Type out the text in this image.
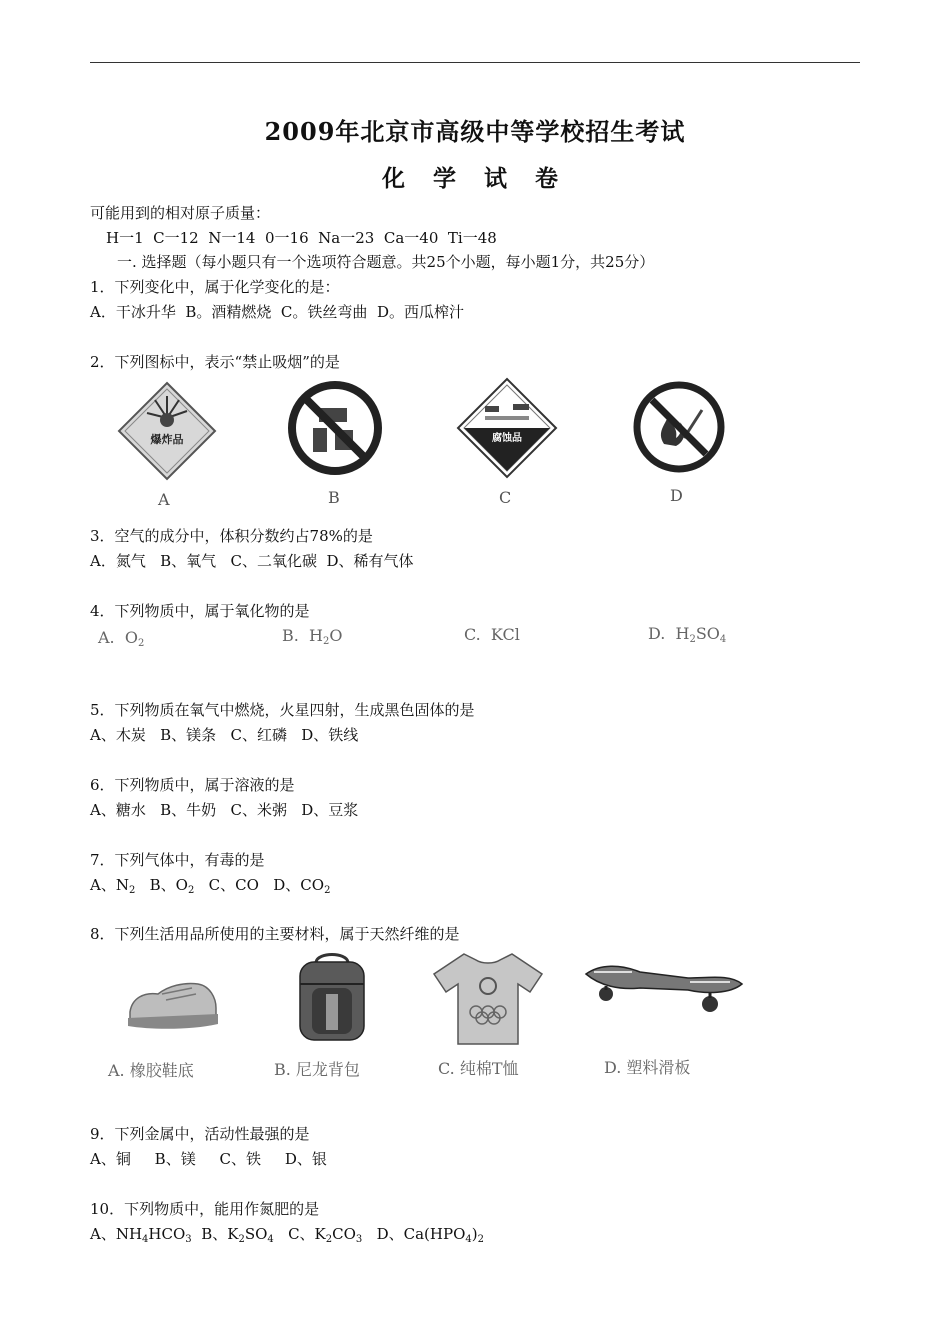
2009年北京市高级中等学校招生考试
化 学 试 卷
可能用到的相对原子质量：
H一1  C一12  N一14  0一16  Na一23  Ca一40  Ti一48
一. 选择题（每小题只有一个选项符合题意。共25个小题，每小题1分，共25分）
1．下列变化中，属于化学变化的是：
A．干冰升华  B。酒精燃烧  C。铁丝弯曲  D。西瓜榨汁
2．下列图标中，表示“禁止吸烟”的是
爆炸品	腐蚀品
A	B	C	D
3．空气的成分中，体积分数约占78%的是
A．氮气   B、氧气   C、二氧化碳  D、稀有气体
4．下列物质中，属于氧化物的是
A.  $O_2$	B.  $H_2O$	C.  KCl	D.  $H_2SO_4$
5．下列物质在氧气中燃烧，火星四射，生成黑色固体的是
A、木炭   B、镁条   C、红磷   D、铁线
6．下列物质中，属于溶液的是
A、糖水   B、牛奶   C、米粥   D、豆浆
7．下列气体中，有毒的是
A、$N_2$ B、$O_2$ C、CO D、$CO_2$
8．下列生活用品所使用的主要材料，属于天然纤维的是
A. 橡胶鞋底	B. 尼龙背包	C. 纯棉T恤	D. 塑料滑板
9．下列金属中，活动性最强的是
A、铜     B、镁     C、铁     D、银
10．下列物质中，能用作氮肥的是
A、$NH_4HCO_3$ B、$K_2SO_4$ C、$K_2CO_3$ D、$Ca(HPO_4)_2$
